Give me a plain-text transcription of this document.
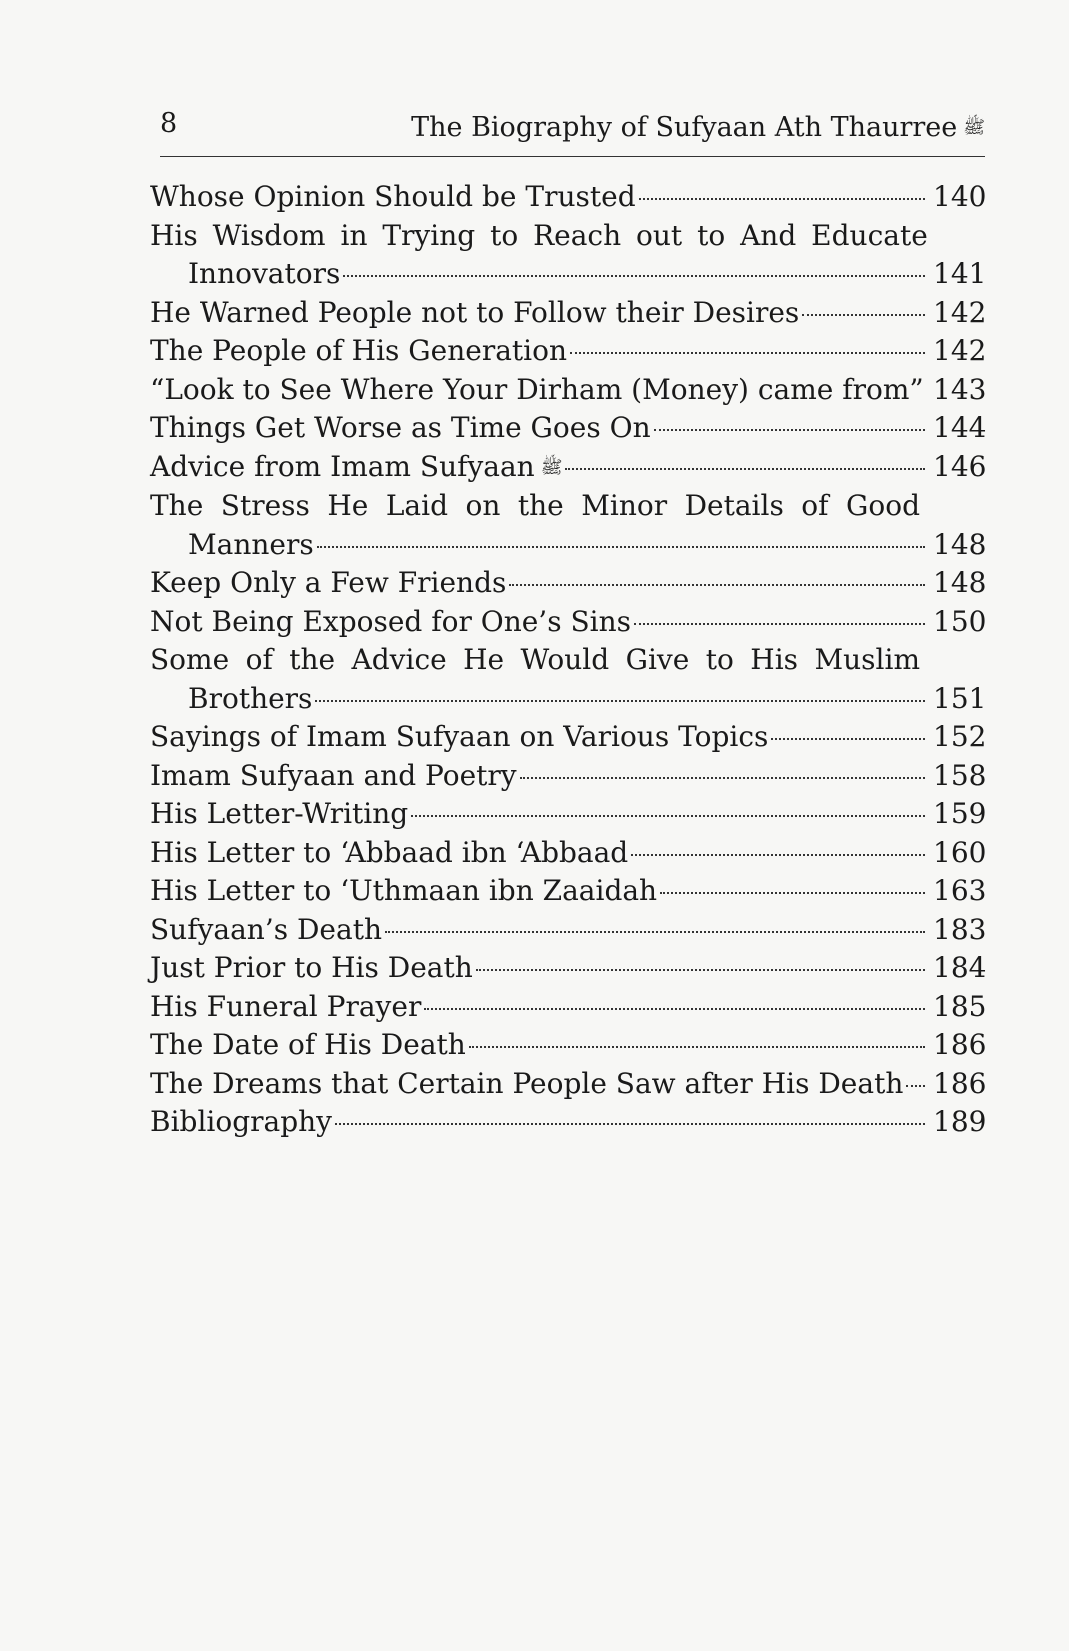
8	The Biography of Sufyaan Ath Thaurree ﷺ
Whose Opinion Should be Trusted	140
His Wisdom in Trying to Reach out to And Educate
Innovators	141
He Warned People not to Follow their Desires	142
The People of His Generation	142
“Look to See Where Your Dirham (Money) came from” 143
Things Get Worse as Time Goes On	144
Advice from Imam Sufyaan ﷺ	146
The Stress He Laid on the Minor Details of Good
Manners	148
Keep Only a Few Friends	148
Not Being Exposed for One’s Sins	150
Some of the Advice He Would Give to His Muslim
Brothers	151
Sayings of Imam Sufyaan on Various Topics	152
Imam Sufyaan and Poetry	158
His Letter-Writing	159
His Letter to ‘Abbaad ibn ‘Abbaad	160
His Letter to ‘Uthmaan ibn Zaaidah	163
Sufyaan’s Death	183
Just Prior to His Death	184
His Funeral Prayer	185
The Date of His Death	186
The Dreams that Certain People Saw after His Death 186
Bibliography	189
